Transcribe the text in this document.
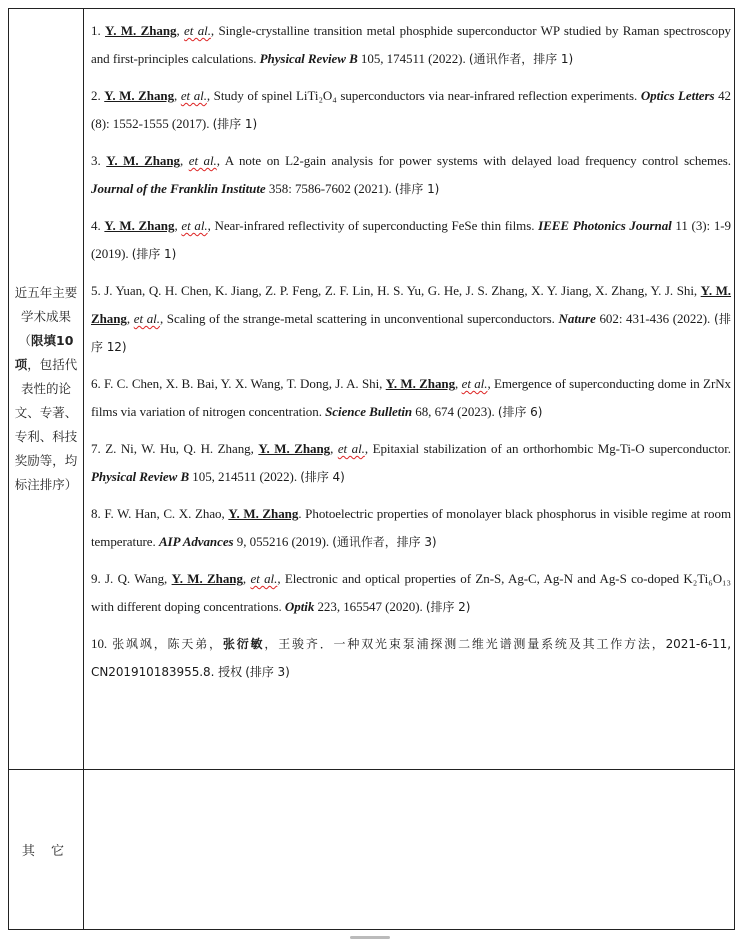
近五年主要学术成果（限填10项，包括代表性的论文、专著、专利、科技奖励等，均标注排序）
其 它

1. Y. M. Zhang, et al., Single-crystalline transition metal phosphide superconductor WP studied by Raman spectroscopy and first-principles calculations. Physical Review B 105, 174511 (2022). (通讯作者，排序 1)

2. Y. M. Zhang, et al., Study of spinel LiTi₂O₄ superconductors via near-infrared reflection experiments. Optics Letters 42 (8): 1552-1555 (2017). (排序 1)

3. Y. M. Zhang, et al., A note on L2-gain analysis for power systems with delayed load frequency control schemes. Journal of the Franklin Institute 358: 7586-7602 (2021). (排序 1)

4. Y. M. Zhang, et al., Near-infrared reflectivity of superconducting FeSe thin films. IEEE Photonics Journal 11 (3): 1-9 (2019). (排序 1)

5. J. Yuan, Q. H. Chen, K. Jiang, Z. P. Feng, Z. F. Lin, H. S. Yu, G. He, J. S. Zhang, X. Y. Jiang, X. Zhang, Y. J. Shi, Y. M. Zhang, et al., Scaling of the strange-metal scattering in unconventional superconductors. Nature 602: 431-436 (2022). (排序 12)

6. F. C. Chen, X. B. Bai, Y. X. Wang, T. Dong, J. A. Shi, Y. M. Zhang, et al., Emergence of superconducting dome in ZrNx films via variation of nitrogen concentration. Science Bulletin 68, 674 (2023). (排序 6)

7. Z. Ni, W. Hu, Q. H. Zhang, Y. M. Zhang, et al., Epitaxial stabilization of an orthorhombic Mg-Ti-O superconductor. Physical Review B 105, 214511 (2022). (排序 4)

8. F. W. Han, C. X. Zhao, Y. M. Zhang. Photoelectric properties of monolayer black phosphorus in visible regime at room temperature. AIP Advances 9, 055216 (2019). (通讯作者，排序 3)

9. J. Q. Wang, Y. M. Zhang, et al., Electronic and optical properties of Zn-S, Ag-C, Ag-N and Ag-S co-doped K₂Ti₆O₁₃ with different doping concentrations. Optik 223, 165547 (2020). (排序 2)

10. 张飒飒，陈天弟，张衍敏，王骏齐．一种双光束泵浦探测二维光谱测量系统及其工作方法，2021-6-11, CN201910183955.8. 授权 (排序 3)
